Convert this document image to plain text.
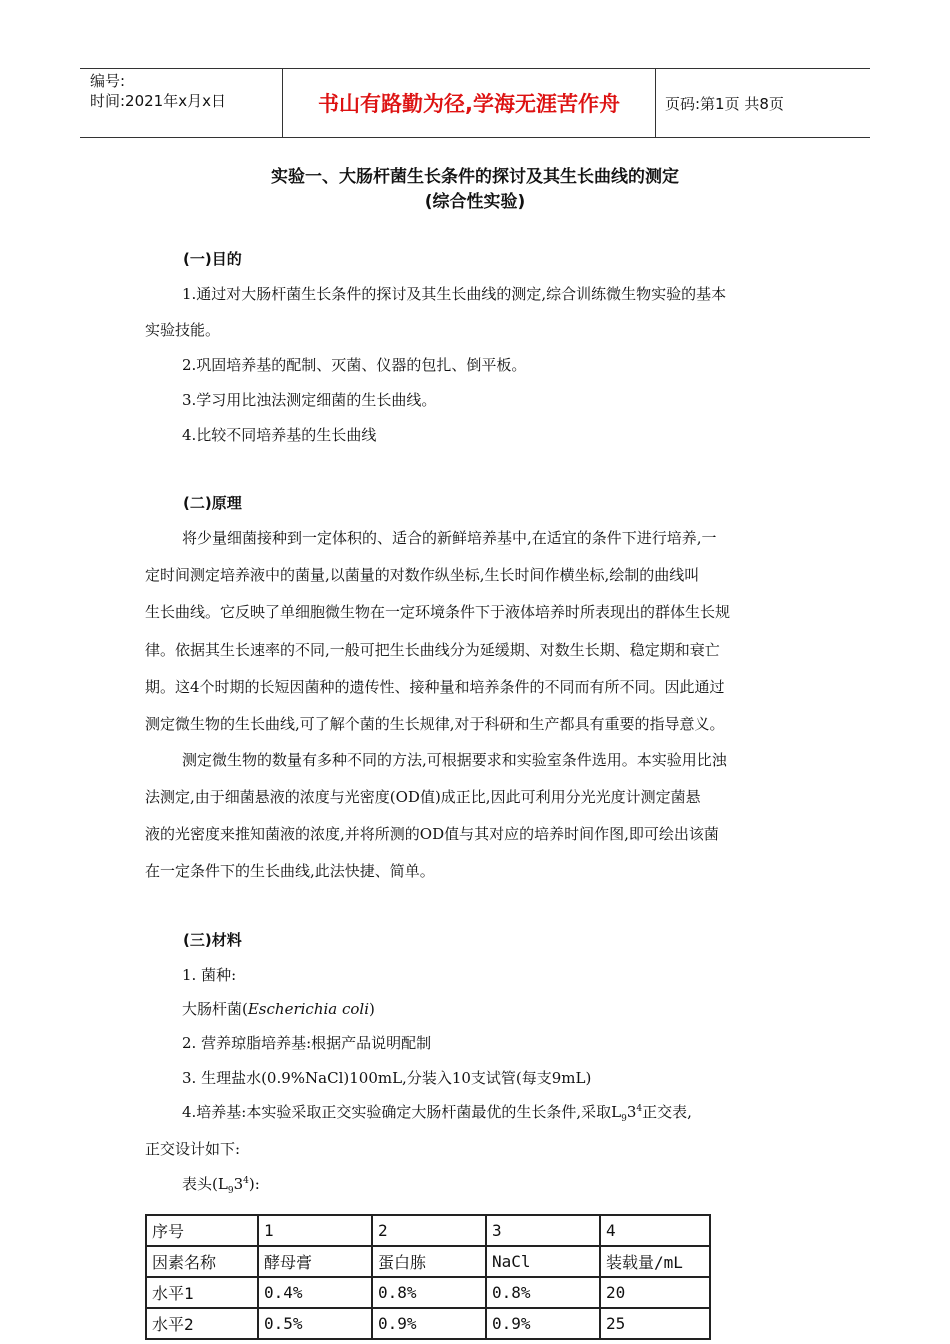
编号:
时间:2021年x月x日	书山有路勤为径,学海无涯苦作舟	页码:第1页 共8页
实验一、大肠杆菌生长条件的探讨及其生长曲线的测定
(综合性实验)
(一)目的
1.通过对大肠杆菌生长条件的探讨及其生长曲线的测定,综合训练微生物实验的基本
实验技能。
2.巩固培养基的配制、灭菌、仪器的包扎、倒平板。
3.学习用比浊法测定细菌的生长曲线。
4.比较不同培养基的生长曲线
(二)原理
将少量细菌接种到一定体积的、适合的新鲜培养基中,在适宜的条件下进行培养,一
定时间测定培养液中的菌量,以菌量的对数作纵坐标,生长时间作横坐标,绘制的曲线叫
生长曲线。它反映了单细胞微生物在一定环境条件下于液体培养时所表现出的群体生长规
律。依据其生长速率的不同,一般可把生长曲线分为延缓期、对数生长期、稳定期和衰亡
期。这4个时期的长短因菌种的遗传性、接种量和培养条件的不同而有所不同。因此通过
测定微生物的生长曲线,可了解个菌的生长规律,对于科研和生产都具有重要的指导意义。
测定微生物的数量有多种不同的方法,可根据要求和实验室条件选用。本实验用比浊
法测定,由于细菌悬液的浓度与光密度(OD值)成正比,因此可利用分光光度计测定菌悬
液的光密度来推知菌液的浓度,并将所测的OD值与其对应的培养时间作图,即可绘出该菌
在一定条件下的生长曲线,此法快捷、简单。
(三)材料
1. 菌种:
大肠杆菌(Escherichia coli)
2. 营养琼脂培养基:根据产品说明配制
3. 生理盐水(0.9%NaCl)100mL,分装入10支试管(每支9mL)
4.培养基:本实验采取正交实验确定大肠杆菌最优的生长条件,采取$L_93^4$正交表,
正交设计如下:
表头$(L_93^4)$:
序号	1	2	3	4
因素名称	酵母膏	蛋白胨	NaCl	装载量/mL
水平1	0.4%	0.8%	0.8%	20
水平2	0.5%	0.9%	0.9%	25
